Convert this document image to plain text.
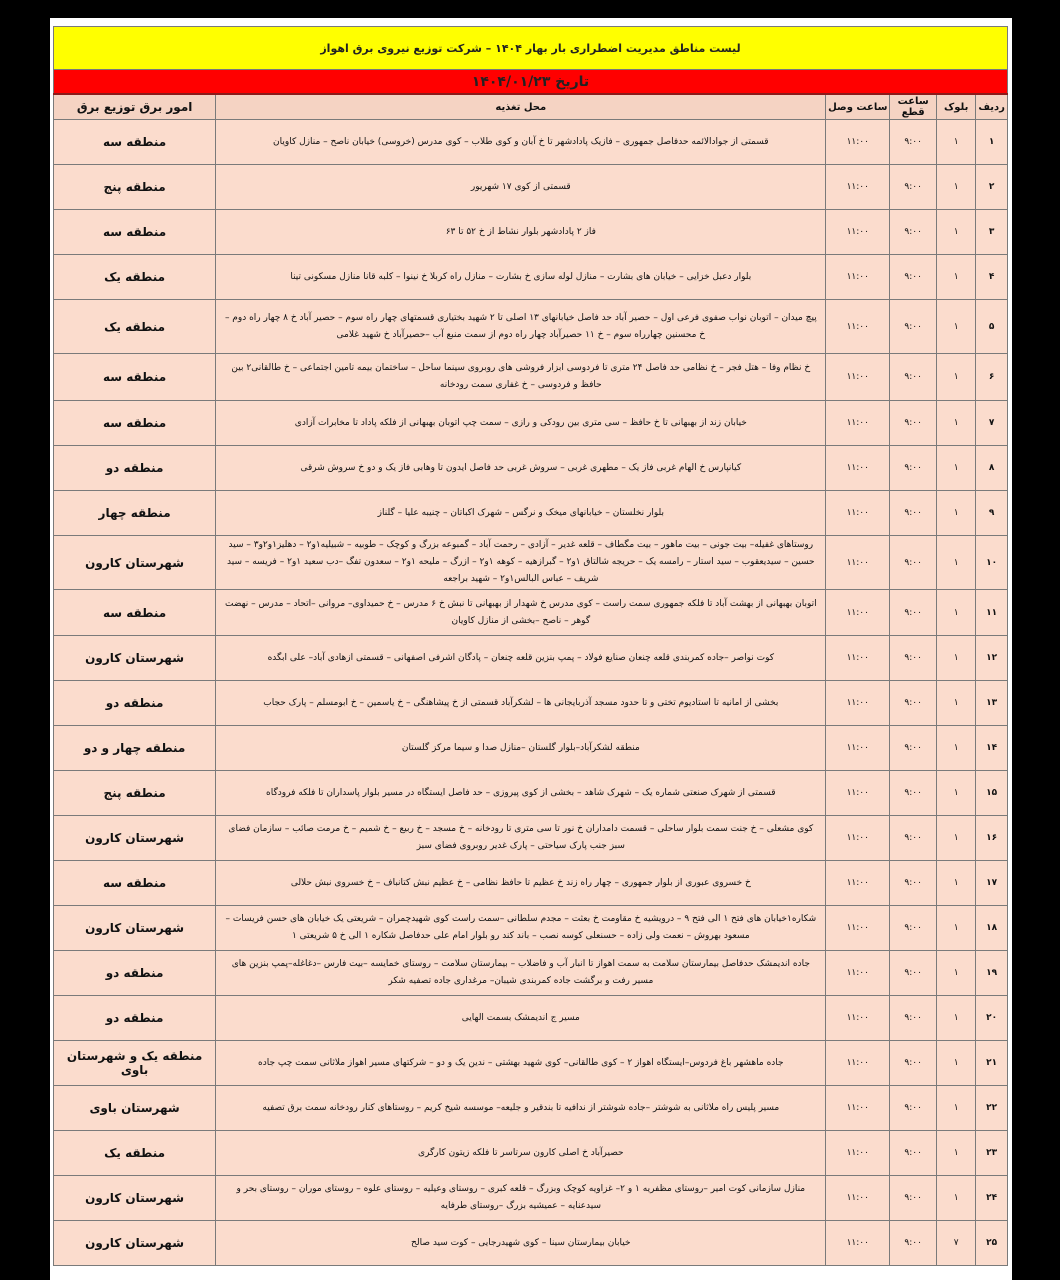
لیست مناطق مدیریت اضطراری بار بهار ۱۴۰۴ – شرکت توزیع نیروی برق اهواز					
تاریخ ۱۴۰۴/۰۱/۲۳					
ردیف	بلوک	ساعت قطع	ساعت وصل	محل تغذیه	امور برق توزیع برق
۱	۱	۹:۰۰	۱۱:۰۰	قسمتی از جوادالائمه حدفاصل جمهوری – فازیک پادادشهر تا خ آبان و کوی طلاب – کوی مدرس (خروسی) خیابان ناصح – منازل کاویان	منطقه سه
۲	۱	۹:۰۰	۱۱:۰۰	قسمتی از کوی ۱۷ شهریور	منطقه پنج
۳	۱	۹:۰۰	۱۱:۰۰	فاز ۲ پادادشهر بلوار نشاط از خ ۵۲ تا ۶۳	منطقه سه
۴	۱	۹:۰۰	۱۱:۰۰	بلوار دعبل خزایی – خیابان های بشارت – منازل لوله سازی خ بشارت – منازل راه کربلا خ نینوا – کلبه قانا منازل مسکونی تینا	منطقه یک
۵	۱	۹:۰۰	۱۱:۰۰	پیچ میدان – اتوبان نواب صفوی فرعی اول – حصیر آباد حد فاصل خیابانهای ۱۳ اصلی تا ۲ شهید بختیاری قسمتهای چهار راه سوم – حصیر آباد خ ۸ چهار راه دوم – خ محسنین چهارراه سوم – خ ۱۱ حصیرآباد چهار راه دوم از سمت منبع آب –حصیرآباد خ شهید غلامی	منطقه یک
۶	۱	۹:۰۰	۱۱:۰۰	خ نظام وفا – هتل فجر – خ نظامی حد فاصل ۲۴ متری تا فردوسی ابزار فروشی های روبروی سینما ساحل – ساختمان بیمه تامین اجتماعی – خ طالقانی۲ بین حافظ و فردوسی – خ غفاری سمت رودخانه	منطقه سه
۷	۱	۹:۰۰	۱۱:۰۰	خیابان زند از بهبهانی تا خ حافظ – سی متری بین رودکی و رازی – سمت چپ اتوبان بهبهانی از فلکه پاداد تا مخابرات آزادی	منطقه سه
۸	۱	۹:۰۰	۱۱:۰۰	کیانپارس خ الهام غربی فاز یک – مطهری غربی – سروش غربی حد فاصل ایدون تا وهابی فاز یک و دو خ سروش شرقی	منطقه دو
۹	۱	۹:۰۰	۱۱:۰۰	بلوار نخلستان – خیابانهای میخک و نرگس – شهرک اکباتان – چنیبه علیا – گلناز	منطقه چهار
۱۰	۱	۹:۰۰	۱۱:۰۰	روستاهای غفیله– بیت جونی – بیت ماهور – بیت مگطاف – قلعه غدیر – آزادی – رحمت آباد – گمبوعه بزرگ و کوچک – طوبیه – شبیلیه۱و۲ – دهلیز۱و۲و۳ – سید حسین – سیدیعقوب – سید استار – رامسه یک – حریجه شالتاق ۱و۲ – گبرازهیه – کوهه ۱و۲ – ازرگ – ملیحه ۱و۲ – سعدون تفگ –دب سعید ۱و۲ – فریسه – سید شریف – عباس البالس۱و۲ – شهید براجعه	شهرستان کارون
۱۱	۱	۹:۰۰	۱۱:۰۰	اتوبان بهبهانی از بهشت آباد تا فلکه جمهوری سمت راست – کوی مدرس خ شهدار از بهبهانی تا نبش خ ۶ مدرس – خ حمیداوی– مروانی –اتحاد – مدرس – نهضت گوهر – ناصح –بخشی از منازل کاویان	منطقه سه
۱۲	۱	۹:۰۰	۱۱:۰۰	کوت نواصر –جاده کمربندی قلعه چنعان صنایع فولاد – پمپ بنزین قلعه چنعان – پادگان اشرفی اصفهانی – قسمتی ازهادی آباد– علی ابگده	شهرستان کارون
۱۳	۱	۹:۰۰	۱۱:۰۰	بخشی از امانیه تا استادیوم تختی و تا حدود مسجد آذربایجانی ها – لشکرآباد قسمتی از خ پیشاهنگی – خ یاسمین – خ ابومسلم – پارک حجاب	منطقه دو
۱۴	۱	۹:۰۰	۱۱:۰۰	منطقه لشکرآباد–بلوار گلستان –منازل صدا و سیما مرکز گلستان	منطقه چهار و دو
۱۵	۱	۹:۰۰	۱۱:۰۰	قسمتی از شهرک صنعتی شماره یک – شهرک شاهد – بخشی از کوی پیروزی – حد فاصل ایستگاه در مسیر بلوار پاسداران تا فلکه فرودگاه	منطقه پنج
۱۶	۱	۹:۰۰	۱۱:۰۰	کوی مشعلی – خ جنت سمت بلوار ساحلی – قسمت دامداران خ نور تا سی متری تا رودخانه – خ مسجد – خ ربیع – خ شمیم – خ مرمت صائب – سازمان فضای سبز جنب پارک سیاحتی – پارک غدیر روبروی فضای سبز	شهرستان کارون
۱۷	۱	۹:۰۰	۱۱:۰۰	خ خسروی عبوری از بلوار جمهوری – چهار راه زند خ عظیم تا حافظ نظامی – خ عظیم نبش کتانباف – خ خسروی نبش حلالی	منطقه سه
۱۸	۱	۹:۰۰	۱۱:۰۰	شکاره۱خیابان های فتح ۱ الی فتح ۹ – درویشیه خ مقاومت خ بعثت – مجدم سلطانی –سمت راست کوی شهیدچمران – شریعتی یک خیابان های حسن فریسات – مسعود بهروش – نعمت ولی زاده – حسنعلی کوسه نصب – باند کند رو بلوار امام علی حدفاصل شکاره ۱ الی خ ۵ شریعتی ۱	شهرستان کارون
۱۹	۱	۹:۰۰	۱۱:۰۰	جاده اندیمشک حدفاصل بیمارستان سلامت به سمت اهواز تا انبار آب و فاضلاب – بیمارستان سلامت – روستای خمایسه –بیت فارس –دغاغله–پمپ بنزین های مسیر رفت و برگشت جاده کمربندی شیبان– مرغداری جاده تصفیه شکر	منطقه دو
۲۰	۱	۹:۰۰	۱۱:۰۰	مسیر ج اندیمشک بسمت الهایی	منطقه دو
۲۱	۱	۹:۰۰	۱۱:۰۰	جاده ماهشهر باغ فردوس–ایستگاه اهواز ۲ – کوی طالقانی– کوی شهید بهشتی – ندین یک و دو – شرکتهای مسیر اهواز ملاثانی سمت چپ جاده	منطقه یک و شهرستان باوی
۲۲	۱	۹:۰۰	۱۱:۰۰	مسیر پلیس راه ملاثانی به شوشتر –جاده شوشتر از ندافیه تا بندقیر و جلیعه– موسسه شیخ کریم – روستاهای کنار رودخانه سمت برق تصفیه	شهرستان باوی
۲۳	۱	۹:۰۰	۱۱:۰۰	حصیرآباد خ اصلی کارون سرتاسر تا فلکه زیتون کارگری	منطقه یک
۲۴	۱	۹:۰۰	۱۱:۰۰	منازل سازمانی کوت امیر –روستای مظفریه ۱ و ۲– غزاویه کوچک وبزرگ – قلعه کبری – روستای وعیلیه – روستای علوه – روستای موران – روستای بحر و سیدعنایه – عمیشیه بزرگ –روستای طرفایه	شهرستان کارون
۲۵	۷	۹:۰۰	۱۱:۰۰	خیابان بیمارستان سینا – کوی شهیدرجایی – کوت سید صالح	شهرستان کارون
